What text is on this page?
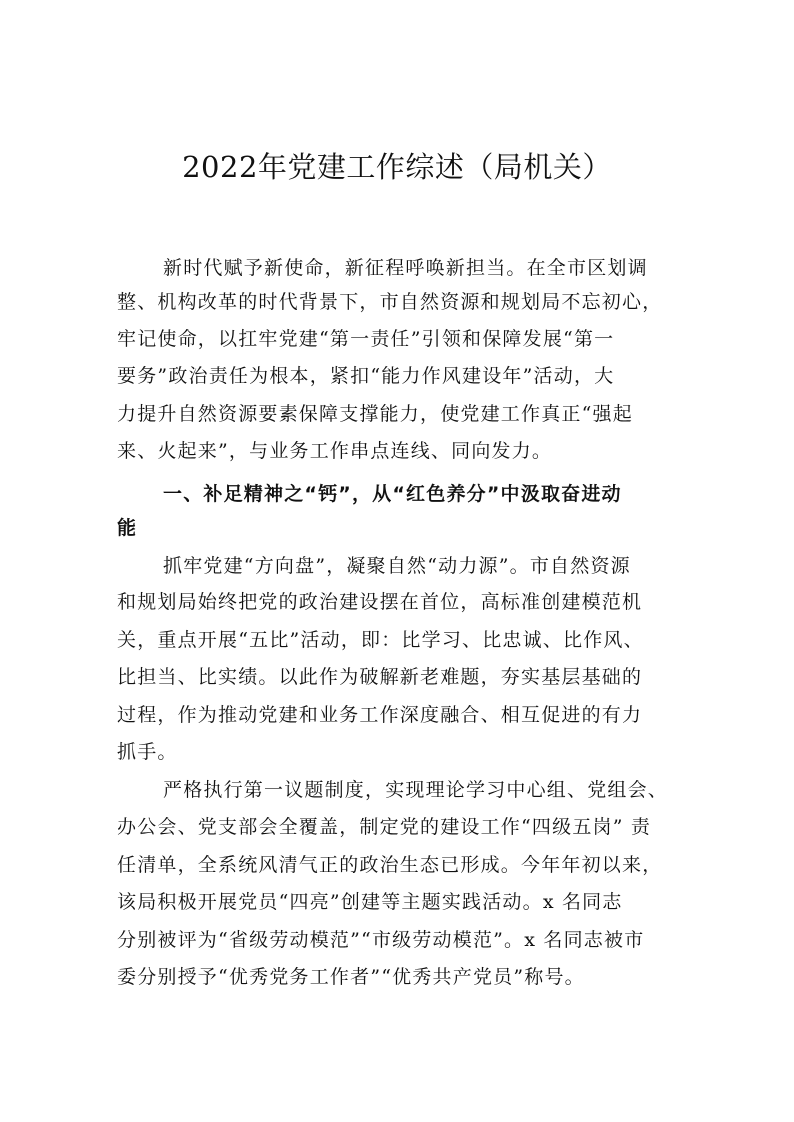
2022年党建工作综述（局机关）

新时代赋予新使命，新征程呼唤新担当。在全市区划调

整、机构改革的时代背景下，市自然资源和规划局不忘初心，

牢记使命，以扛牢党建“第一责任”引领和保障发展“第一

要务”政治责任为根本，紧扣“能力作风建设年”活动，大

力提升自然资源要素保障支撑能力，使党建工作真正“强起

来、火起来”，与业务工作串点连线、同向发力。

一、补足精神之“钙”，从“红色养分”中汲取奋进动

能

抓牢党建“方向盘”，凝聚自然“动力源”。市自然资源

和规划局始终把党的政治建设摆在首位，高标准创建模范机

关，重点开展“五比”活动，即：比学习、比忠诚、比作风、

比担当、比实绩。以此作为破解新老难题，夯实基层基础的

过程，作为推动党建和业务工作深度融合、相互促进的有力

抓手。

严格执行第一议题制度，实现理论学习中心组、党组会、

办公会、党支部会全覆盖，制定党的建设工作“四级五岗” 责

任清单，全系统风清气正的政治生态已形成。今年年初以来，

该局积极开展党员“四亮”创建等主题实践活动。x 名同志

分别被评为“省级劳动模范”“市级劳动模范”。x 名同志被市

委分别授予“优秀党务工作者”“优秀共产党员”称号。
